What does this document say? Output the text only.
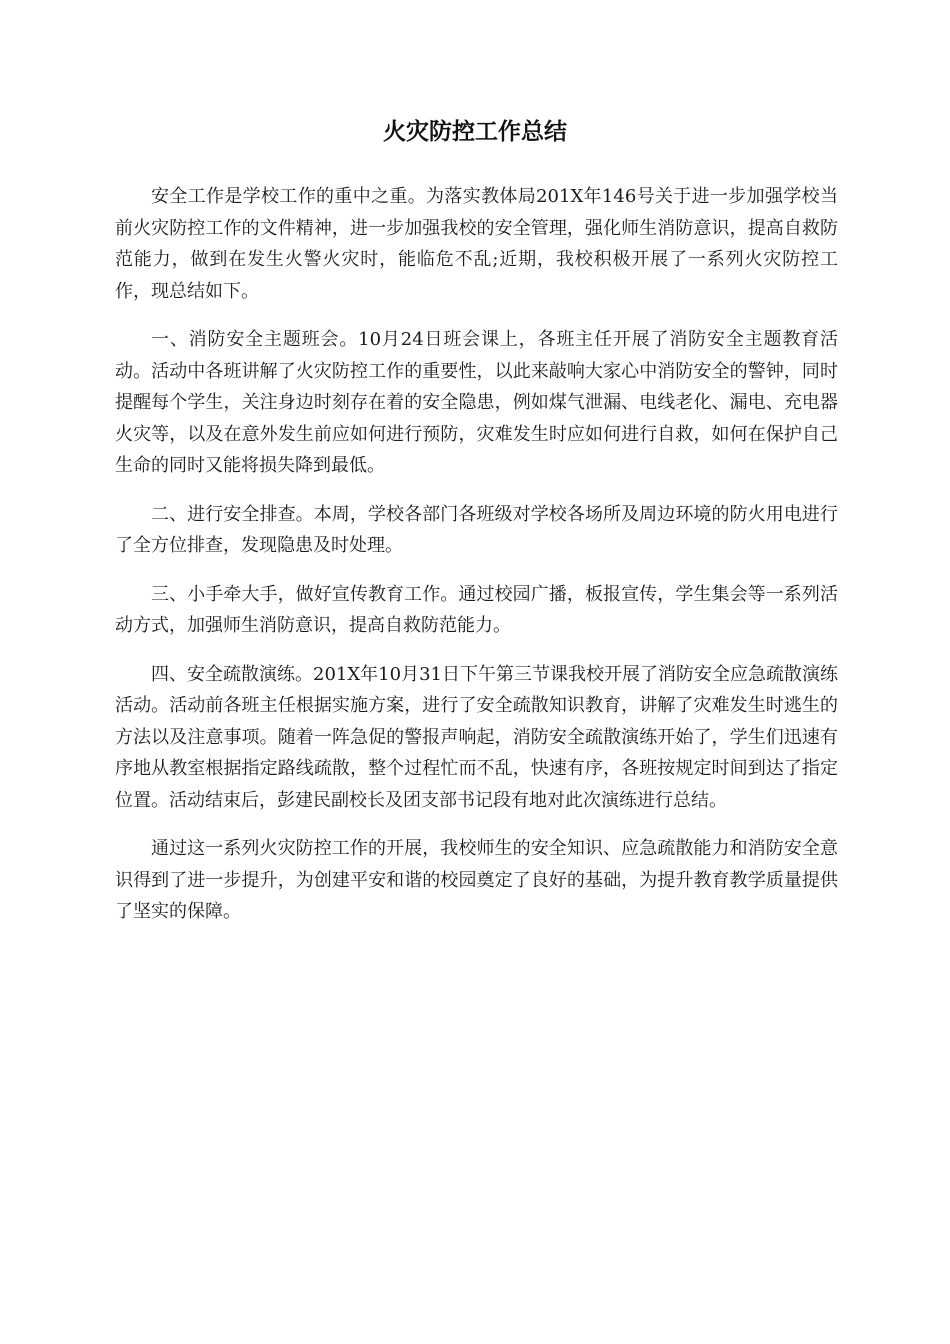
火灾防控工作总结

安全工作是学校工作的重中之重。为落实教体局201X年146号关于进一步加强学校当前火灾防控工作的文件精神，进一步加强我校的安全管理，强化师生消防意识，提高自救防范能力，做到在发生火警火灾时，能临危不乱;近期，我校积极开展了一系列火灾防控工作，现总结如下。

一、消防安全主题班会。10月24日班会课上，各班主任开展了消防安全主题教育活动。活动中各班讲解了火灾防控工作的重要性，以此来敲响大家心中消防安全的警钟，同时提醒每个学生，关注身边时刻存在着的安全隐患，例如煤气泄漏、电线老化、漏电、充电器火灾等，以及在意外发生前应如何进行预防，灾难发生时应如何进行自救，如何在保护自己生命的同时又能将损失降到最低。

二、进行安全排查。本周，学校各部门各班级对学校各场所及周边环境的防火用电进行了全方位排查，发现隐患及时处理。

三、小手牵大手，做好宣传教育工作。通过校园广播，板报宣传，学生集会等一系列活动方式，加强师生消防意识，提高自救防范能力。

四、安全疏散演练。201X年10月31日下午第三节课我校开展了消防安全应急疏散演练活动。活动前各班主任根据实施方案，进行了安全疏散知识教育，讲解了灾难发生时逃生的方法以及注意事项。随着一阵急促的警报声响起，消防安全疏散演练开始了，学生们迅速有序地从教室根据指定路线疏散，整个过程忙而不乱，快速有序，各班按规定时间到达了指定位置。活动结束后，彭建民副校长及团支部书记段有地对此次演练进行总结。

通过这一系列火灾防控工作的开展，我校师生的安全知识、应急疏散能力和消防安全意识得到了进一步提升，为创建平安和谐的校园奠定了良好的基础，为提升教育教学质量提供了坚实的保障。
